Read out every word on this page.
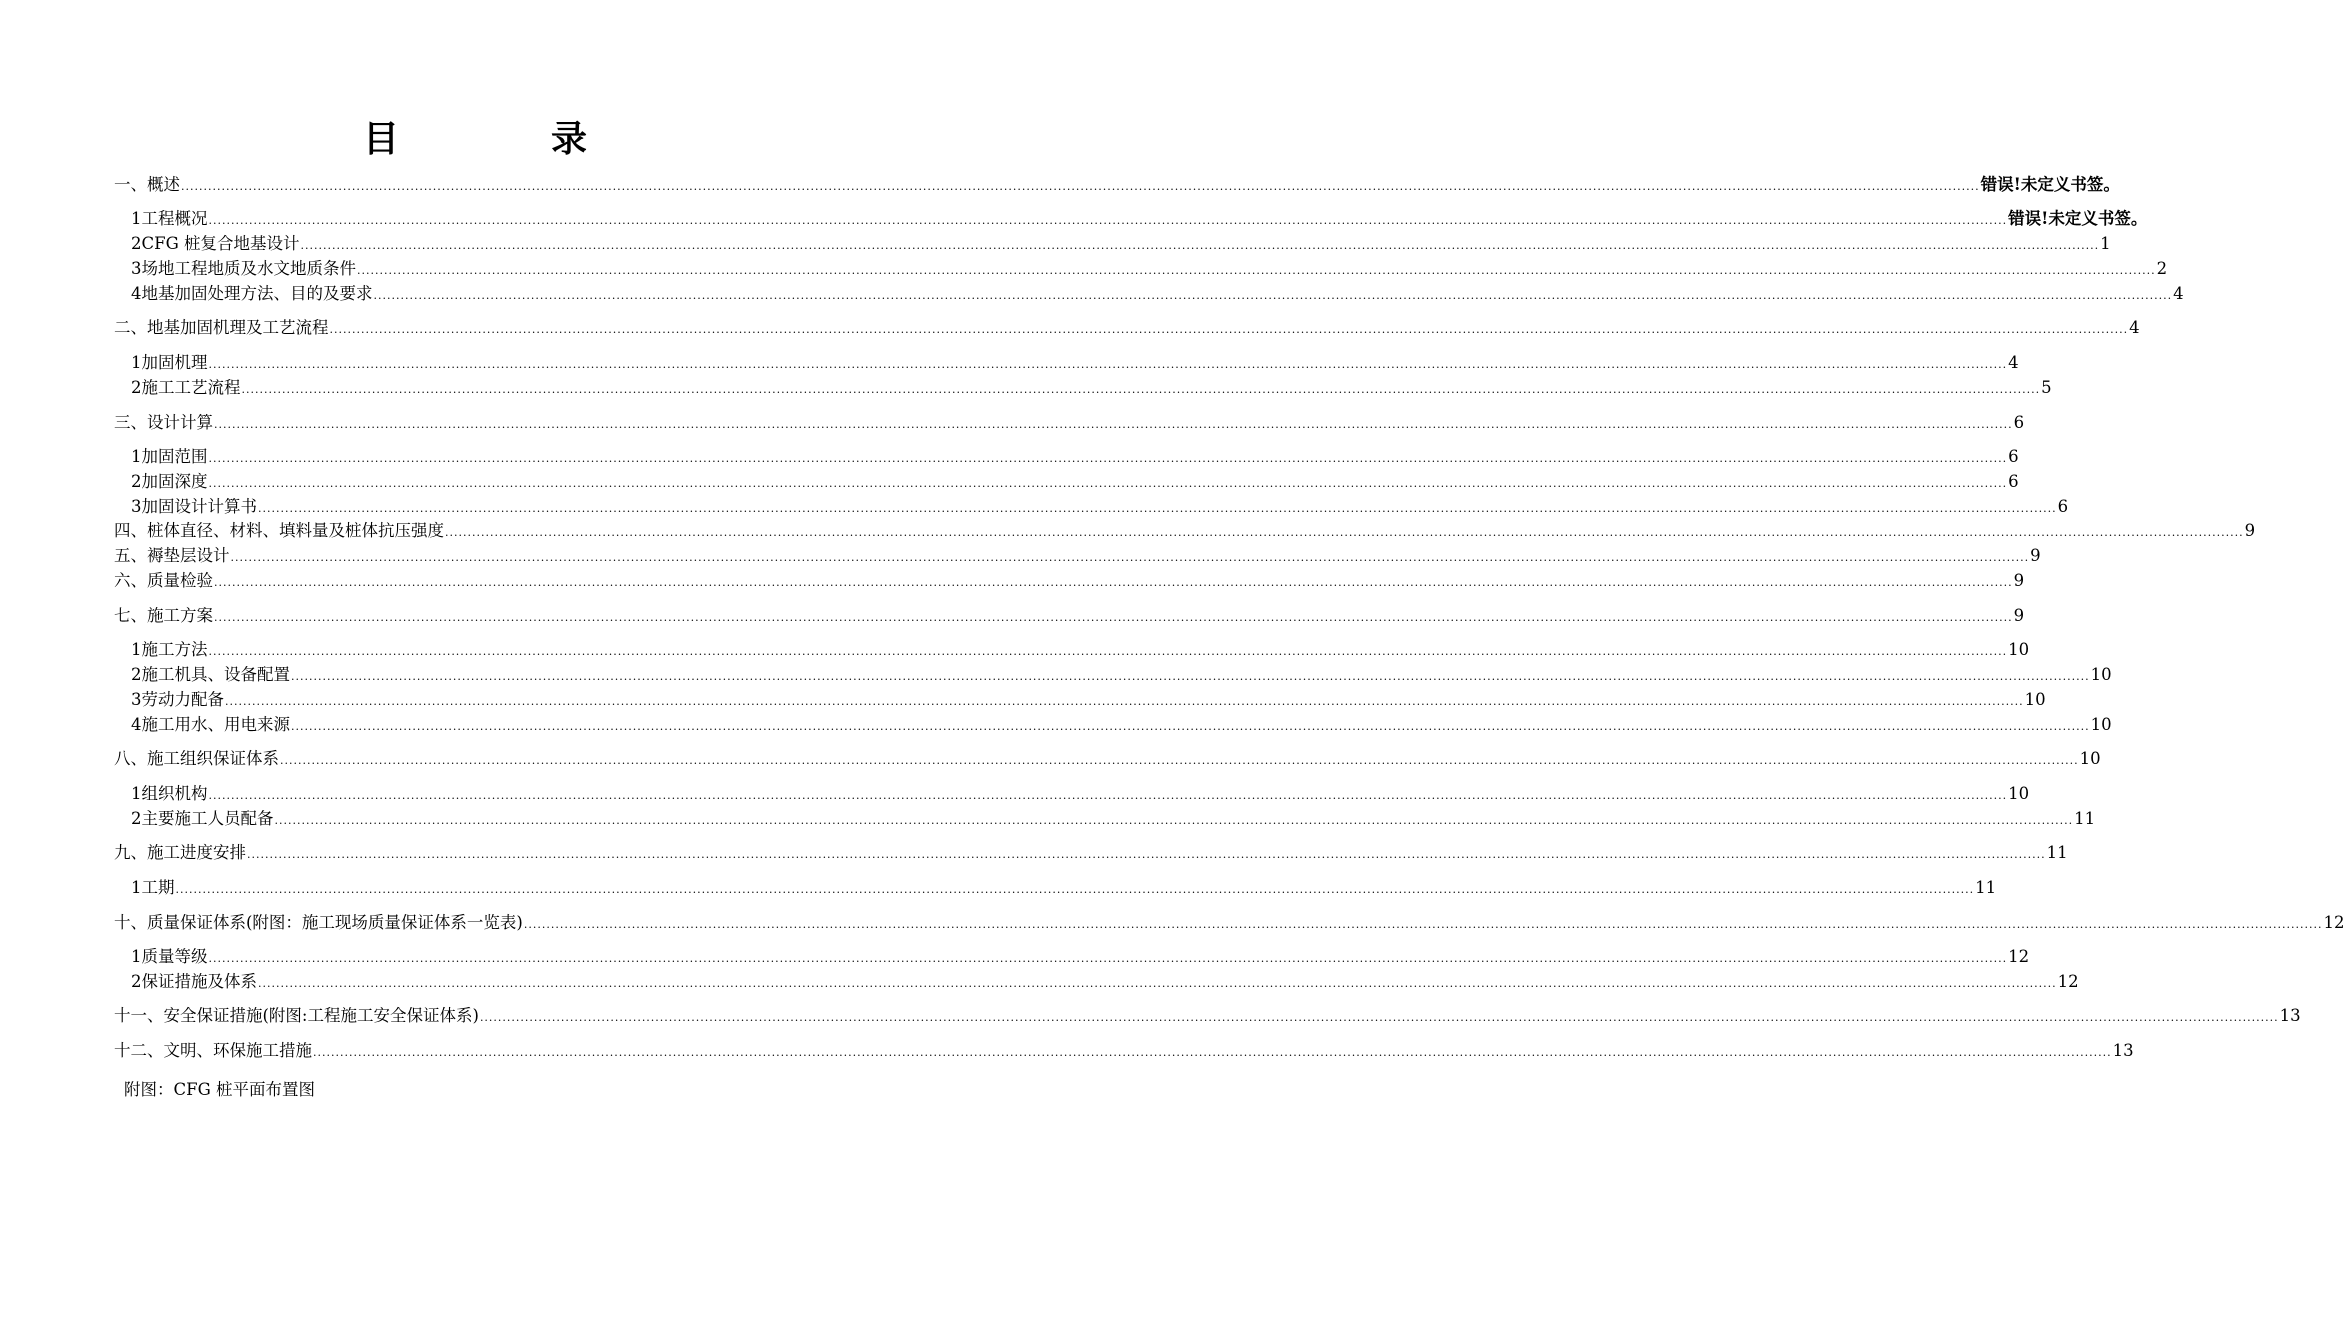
目　录
一、概述 ................................................................................................................................................................................................................................................................................................................................................................................................................ 错误!未定义书签。
1 工程概况 ................................................................................................................................................................................................................................................................................................................................................................................................................ 错误!未定义书签。
2 CFG 桩复合地基设计 ................................................................................................................................................................................................................................................................................................................................................................................................................ 1
3 场地工程地质及水文地质条件 ................................................................................................................................................................................................................................................................................................................................................................................................................ 2
4 地基加固处理方法、目的及要求 ................................................................................................................................................................................................................................................................................................................................................................................................................ 4
二、地基加固机理及工艺流程 ................................................................................................................................................................................................................................................................................................................................................................................................................ 4
1 加固机理 ................................................................................................................................................................................................................................................................................................................................................................................................................ 4
2 施工工艺流程 ................................................................................................................................................................................................................................................................................................................................................................................................................ 5
三、设计计算 ................................................................................................................................................................................................................................................................................................................................................................................................................ 6
1 加固范围 ................................................................................................................................................................................................................................................................................................................................................................................................................ 6
2 加固深度 ................................................................................................................................................................................................................................................................................................................................................................................................................ 6
3 加固设计计算书 ................................................................................................................................................................................................................................................................................................................................................................................................................ 6
四、桩体直径、材料、填料量及桩体抗压强度 ................................................................................................................................................................................................................................................................................................................................................................................................................ 9
五、褥垫层设计 ................................................................................................................................................................................................................................................................................................................................................................................................................ 9
六、质量检验 ................................................................................................................................................................................................................................................................................................................................................................................................................ 9
七、施工方案 ................................................................................................................................................................................................................................................................................................................................................................................................................ 9
1 施工方法 ................................................................................................................................................................................................................................................................................................................................................................................................................ 10
2 施工机具、设备配置 ................................................................................................................................................................................................................................................................................................................................................................................................................ 10
3 劳动力配备 ................................................................................................................................................................................................................................................................................................................................................................................................................ 10
4 施工用水、用电来源 ................................................................................................................................................................................................................................................................................................................................................................................................................ 10
八、施工组织保证体系 ................................................................................................................................................................................................................................................................................................................................................................................................................ 10
1 组织机构 ................................................................................................................................................................................................................................................................................................................................................................................................................ 10
2 主要施工人员配备 ................................................................................................................................................................................................................................................................................................................................................................................................................ 11
九、施工进度安排 ................................................................................................................................................................................................................................................................................................................................................................................................................ 11
1 工期 ................................................................................................................................................................................................................................................................................................................................................................................................................ 11
十、质量保证体系(附图：施工现场质量保证体系一览表) ................................................................................................................................................................................................................................................................................................................................................................................................................ 12
1 质量等级 ................................................................................................................................................................................................................................................................................................................................................................................................................ 12
2 保证措施及体系 ................................................................................................................................................................................................................................................................................................................................................................................................................ 12
十一、安全保证措施(附图:工程施工安全保证体系) ................................................................................................................................................................................................................................................................................................................................................................................................................ 13
十二、文明、环保施工措施 ................................................................................................................................................................................................................................................................................................................................................................................................................ 13
附图：CFG 桩平面布置图
